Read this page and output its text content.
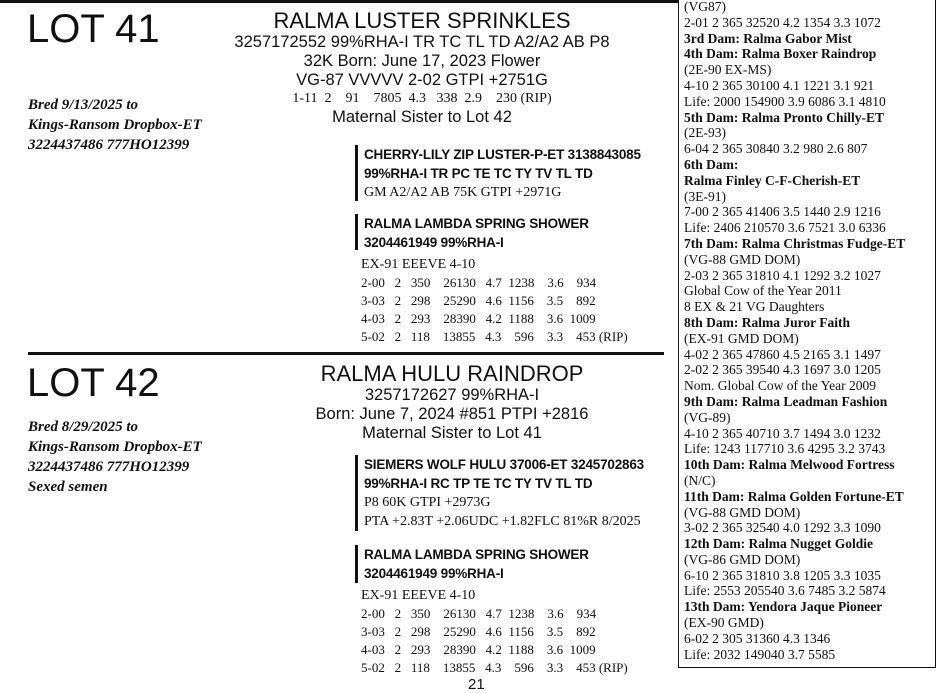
LOT 41
Bred 9/13/2025 to
Kings-Ransom Dropbox-ET
3224437486 777HO12399
RALMA LUSTER SPRINKLES
3257172552 99%RHA-I TR TC TL TD A2/A2 AB P8
32K Born: June 17, 2023 Flower
VG-87 VVVVV 2-02 GTPI +2751G
1-11  2    91    7805  4.3   338  2.9    230 (RIP)
Maternal Sister to Lot 42
CHERRY-LILY ZIP LUSTER-P-ET 3138843085
99%RHA-I TR PC TE TC TY TV TL TD
GM A2/A2 AB 75K GTPI +2971G
RALMA LAMBDA SPRING SHOWER
3204461949 99%RHA-I
EX-91 EEEVE 4-10
2-00   2   350    26130   4.7  1238    3.6    934
3-03   2   298    25290   4.6  1156    3.5    892
4-03   2   293    28390   4.2  1188    3.6  1009
5-02   2   118    13855   4.3    596    3.3    453 (RIP)
LOT 42
Bred 8/29/2025 to
Kings-Ransom Dropbox-ET
3224437486 777HO12399
Sexed semen
RALMA HULU RAINDROP
3257172627 99%RHA-I
Born: June 7, 2024 #851 PTPI +2816
Maternal Sister to Lot 41
SIEMERS WOLF HULU 37006-ET 3245702863
99%RHA-I RC TP TE TC TY TV TL TD
P8 60K GTPI +2973G
PTA +2.83T +2.06UDC +1.82FLC 81%R 8/2025
RALMA LAMBDA SPRING SHOWER
3204461949 99%RHA-I
EX-91 EEEVE 4-10
2-00   2   350    26130   4.7  1238    3.6    934
3-03   2   298    25290   4.6  1156    3.5    892
4-03   2   293    28390   4.2  1188    3.6  1009
5-02   2   118    13855   4.3    596    3.3    453 (RIP)
21
(VG87)
2-01 2 365 32520 4.2 1354 3.3 1072
3rd Dam: Ralma Gabor Mist
4th Dam: Ralma Boxer Raindrop
(2E-90 EX-MS)
4-10 2 365 30100 4.1 1221 3.1 921
Life: 2000 154900 3.9 6086 3.1 4810
5th Dam: Ralma Pronto Chilly-ET
(2E-93)
6-04 2 365 30840 3.2 980 2.6 807
6th Dam:
Ralma Finley C-F-Cherish-ET
(3E-91)
7-00 2 365 41406 3.5 1440 2.9 1216
Life: 2406 210570 3.6 7521 3.0 6336
7th Dam: Ralma Christmas Fudge-ET
(VG-88 GMD DOM)
2-03 2 365 31810 4.1 1292 3.2 1027
Global Cow of the Year 2011
8 EX & 21 VG Daughters
8th Dam: Ralma Juror Faith
(EX-91 GMD DOM)
4-02 2 365 47860 4.5 2165 3.1 1497
2-02 2 365 39540 4.3 1697 3.0 1205
Nom. Global Cow of the Year 2009
9th Dam: Ralma Leadman Fashion
(VG-89)
4-10 2 365 40710 3.7 1494 3.0 1232
Life: 1243 117710 3.6 4295 3.2 3743
10th Dam: Ralma Melwood Fortress
(N/C)
11th Dam: Ralma Golden Fortune-ET
(VG-88 GMD DOM)
3-02 2 365 32540 4.0 1292 3.3 1090
12th Dam: Ralma Nugget Goldie
(VG-86 GMD DOM)
6-10 2 365 31810 3.8 1205 3.3 1035
Life: 2553 205540 3.6 7485 3.2 5874
13th Dam: Yendora Jaque Pioneer
(EX-90 GMD)
6-02 2 305 31360 4.3 1346
Life: 2032 149040 3.7 5585
